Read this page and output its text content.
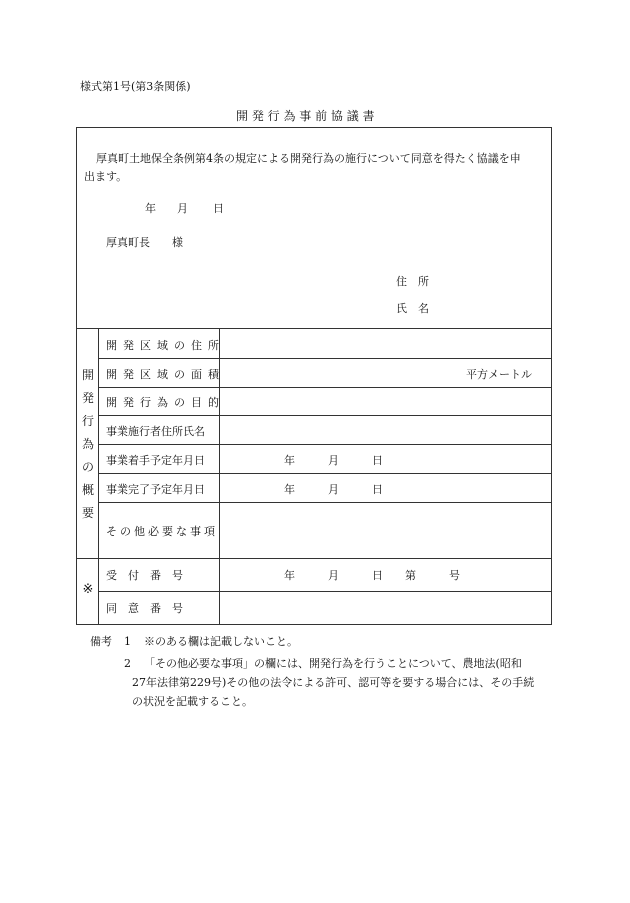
様式第1号(第3条関係)
開 発 行 為 事 前 協 議 書
厚真町土地保全条例第4条の規定による開発行為の施行について同意を得たく協議を申
出ます。
年 月 日
厚真町長　　様
住　所
氏　名
開
発
行
為
の
概
要
開発区域の住所
開発区域の面積	平方メートル
開発行為の目的
事業施行者住所氏名
事業着手予定年月日	年　　　月　　　日
事業完了予定年月日	年　　　月　　　日
その他必要な事項
※
受　付　番　号	年　　　月　　　日　　第　　　号
同　意　番　号
備考 1 ※のある欄は記載しないこと。
2 「その他必要な事項」の欄には、開発行為を行うことについて、農地法(昭和
27年法律第229号)その他の法令による許可、認可等を要する場合には、その手続
の状況を記載すること。
